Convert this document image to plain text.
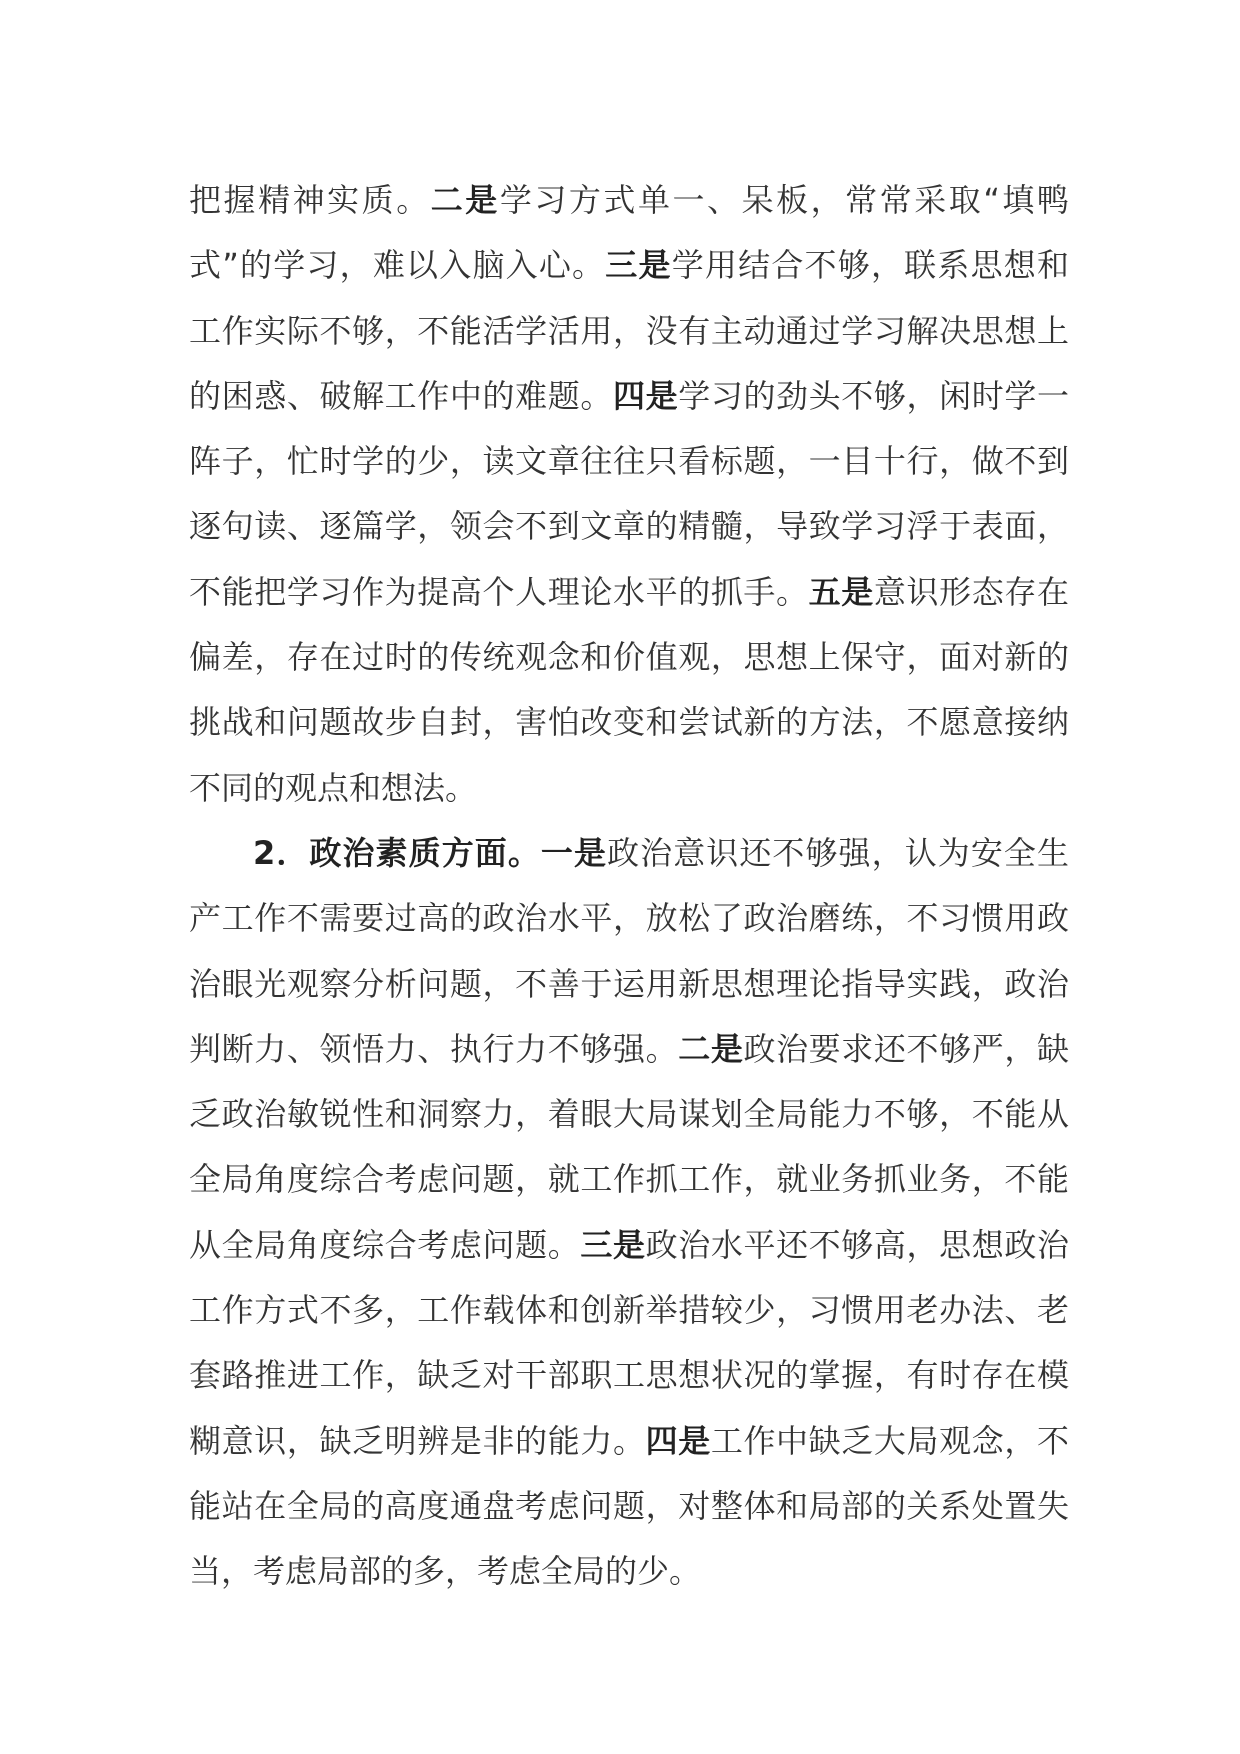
把握精神实质。二是学习方式单一、呆板，常常采取“填鸭式”的学习，难以入脑入心。三是学用结合不够，联系思想和工作实际不够，不能活学活用，没有主动通过学习解决思想上的困惑、破解工作中的难题。四是学习的劲头不够，闲时学一阵子，忙时学的少，读文章往往只看标题，一目十行，做不到逐句读、逐篇学，领会不到文章的精髓，导致学习浮于表面，不能把学习作为提高个人理论水平的抓手。五是意识形态存在偏差，存在过时的传统观念和价值观，思想上保守，面对新的挑战和问题故步自封，害怕改变和尝试新的方法，不愿意接纳不同的观点和想法。

2．政治素质方面。一是政治意识还不够强，认为安全生产工作不需要过高的政治水平，放松了政治磨练，不习惯用政治眼光观察分析问题，不善于运用新思想理论指导实践，政治判断力、领悟力、执行力不够强。二是政治要求还不够严，缺乏政治敏锐性和洞察力，着眼大局谋划全局能力不够，不能从全局角度综合考虑问题，就工作抓工作，就业务抓业务，不能从全局角度综合考虑问题。三是政治水平还不够高，思想政治工作方式不多，工作载体和创新举措较少，习惯用老办法、老套路推进工作，缺乏对干部职工思想状况的掌握，有时存在模糊意识，缺乏明辨是非的能力。四是工作中缺乏大局观念，不能站在全局的高度通盘考虑问题，对整体和局部的关系处置失当，考虑局部的多，考虑全局的少。
